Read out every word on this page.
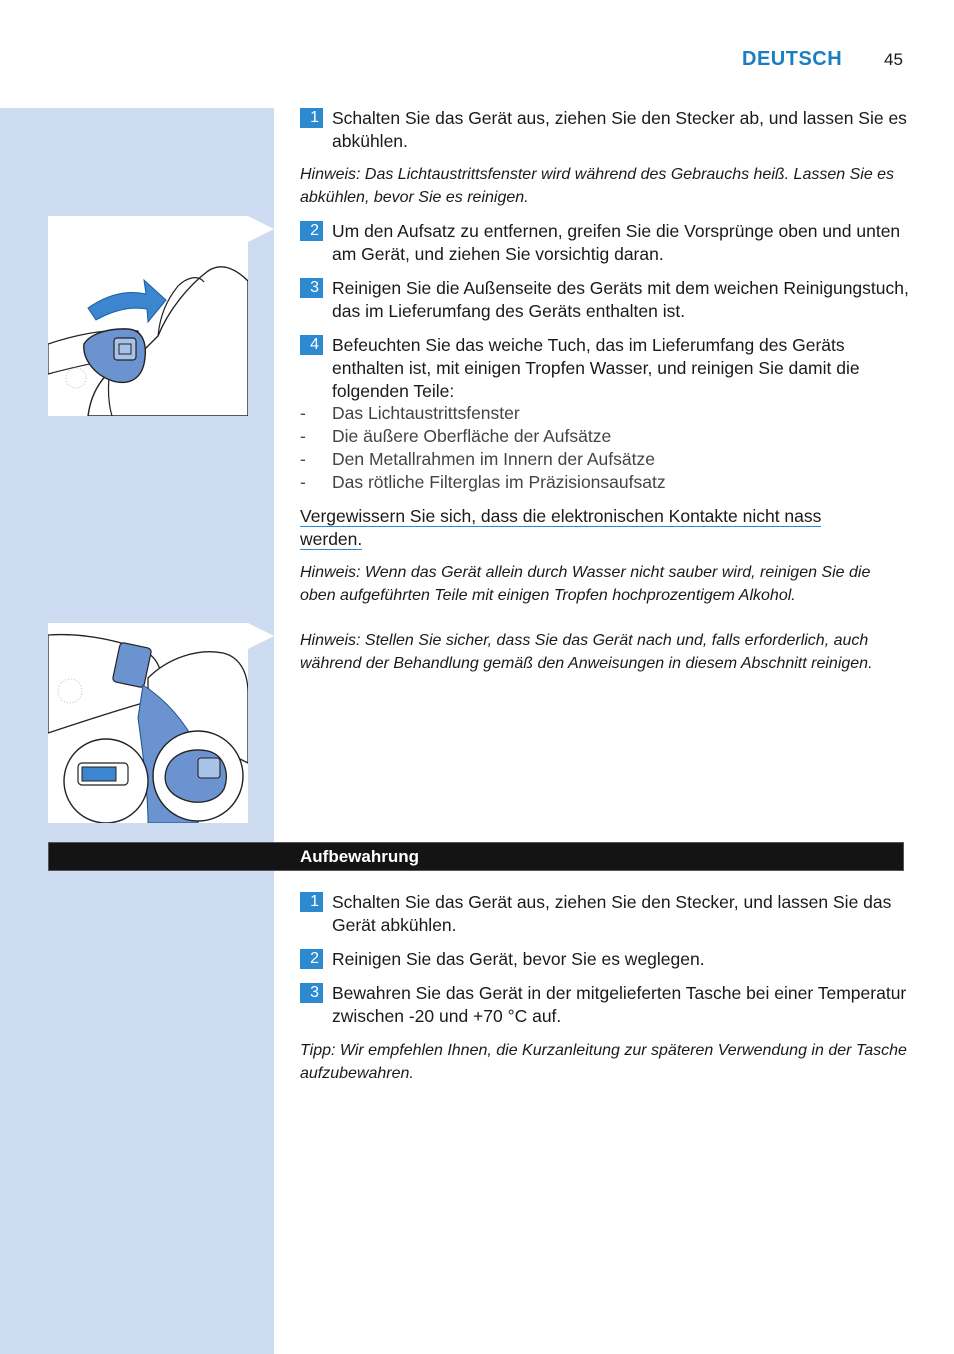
DEUTSCH 45
1 Schalten Sie das Gerät aus, ziehen Sie den Stecker ab, und lassen Sie es abkühlen.
Hinweis: Das Lichtaustrittsfenster wird während des Gebrauchs heiß. Lassen Sie es abkühlen, bevor Sie es reinigen.
2 Um den Aufsatz zu entfernen, greifen Sie die Vorsprünge oben und unten am Gerät, und ziehen Sie vorsichtig daran.
3 Reinigen Sie die Außenseite des Geräts mit dem weichen Reinigungstuch, das im Lieferumfang des Geräts enthalten ist.
4 Befeuchten Sie das weiche Tuch, das im Lieferumfang des Geräts enthalten ist, mit einigen Tropfen Wasser, und reinigen Sie damit die folgenden Teile:
- Das Lichtaustrittsfenster
- Die äußere Oberfläche der Aufsätze
- Den Metallrahmen im Innern der Aufsätze
- Das rötliche Filterglas im Präzisionsaufsatz
Vergewissern Sie sich, dass die elektronischen Kontakte nicht nass werden.
Hinweis: Wenn das Gerät allein durch Wasser nicht sauber wird, reinigen Sie die oben aufgeführten Teile mit einigen Tropfen hochprozentigem Alkohol.
Hinweis: Stellen Sie sicher, dass Sie das Gerät nach und, falls erforderlich, auch während der Behandlung gemäß den Anweisungen in diesem Abschnitt reinigen.
Aufbewahrung
1 Schalten Sie das Gerät aus, ziehen Sie den Stecker, und lassen Sie das Gerät abkühlen.
2 Reinigen Sie das Gerät, bevor Sie es weglegen.
3 Bewahren Sie das Gerät in der mitgelieferten Tasche bei einer Temperatur zwischen -20 und +70 °C auf.
Tipp: Wir empfehlen Ihnen, die Kurzanleitung zur späteren Verwendung in der Tasche aufzubewahren.
